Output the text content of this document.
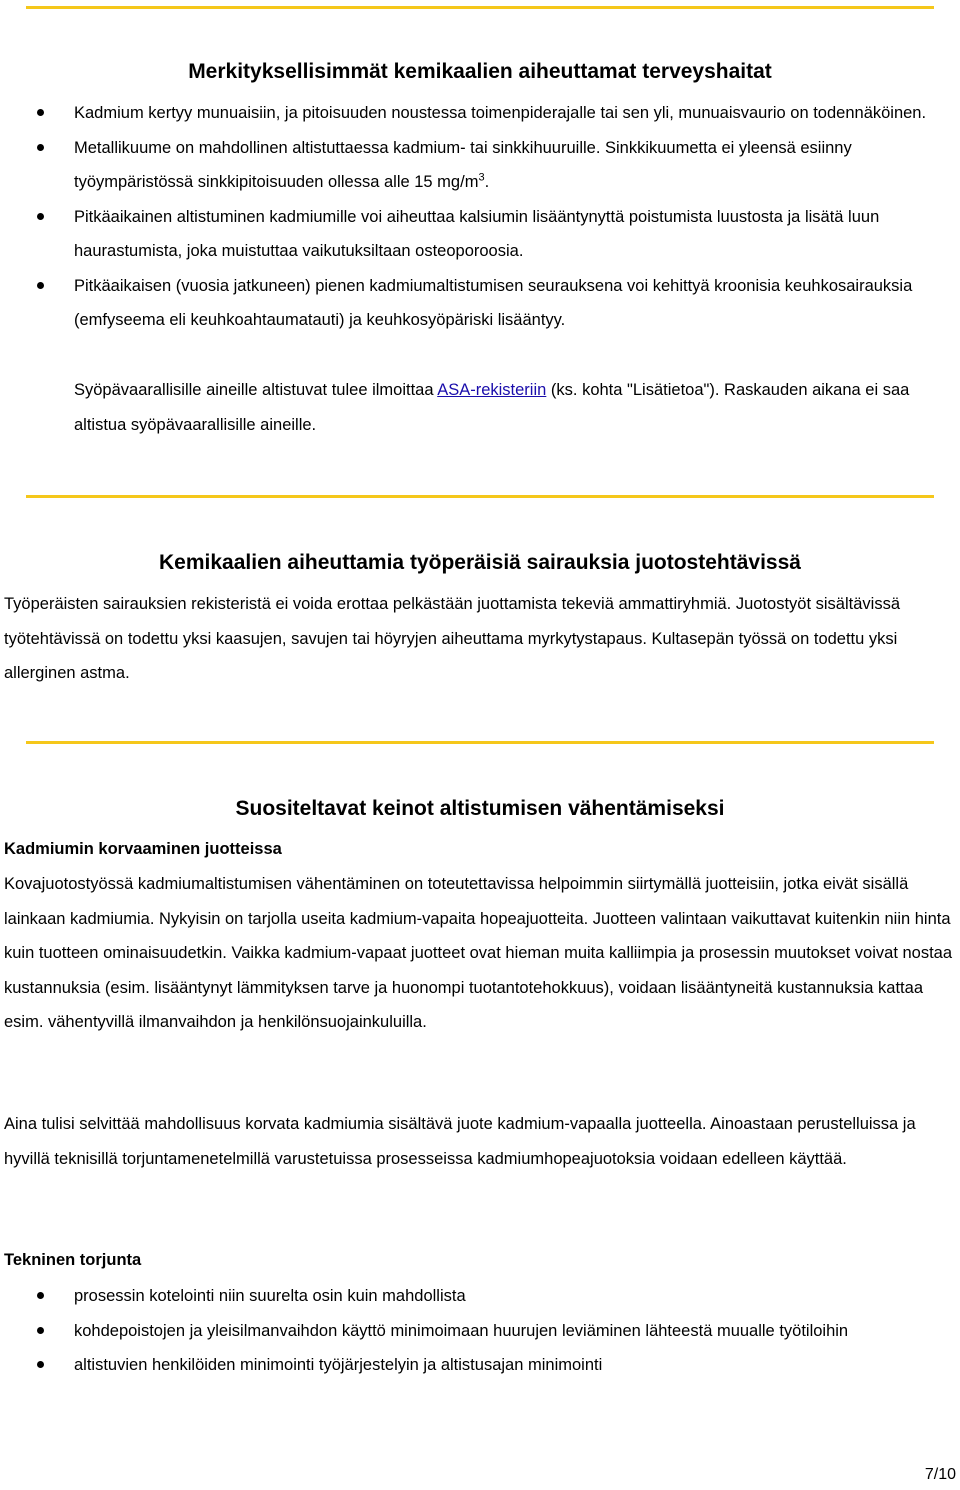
Merkityksellisimmät kemikaalien aiheuttamat terveyshaitat
Kadmium kertyy munuaisiin, ja pitoisuuden noustessa toimenpiderajalle tai sen yli, munuaisvaurio on todennäköinen.
Metallikuume on mahdollinen altistuttaessa kadmium- tai sinkkihuuruille. Sinkkikuumetta ei yleensä esiinny työympäristössä sinkkipitoisuuden ollessa alle 15 $mg/m^3$.
Pitkäaikainen altistuminen kadmiumille voi aiheuttaa kalsiumin lisääntynyttä poistumista luustosta ja lisätä luun haurastumista, joka muistuttaa vaikutuksiltaan osteoporoosia.
Pitkäaikaisen (vuosia jatkuneen) pienen kadmiumaltistumisen seurauksena voi kehittyä kroonisia keuhkosairauksia (emfyseema eli keuhkoahtaumatauti) ja keuhkosyöpäriski lisääntyy.

Syöpävaarallisille aineille altistuvat tulee ilmoittaa ASA-rekisteriin (ks. kohta "Lisätietoa"). Raskauden aikana ei saa altistua syöpävaarallisille aineille.

Kemikaalien aiheuttamia työperäisiä sairauksia juotostehtävissä

Työperäisten sairauksien rekisteristä ei voida erottaa pelkästään juottamista tekeviä ammattiryhmiä. Juotostyöt sisältävissä työtehtävissä on todettu yksi kaasujen, savujen tai höyryjen aiheuttama myrkytystapaus. Kultasepän työssä on todettu yksi allerginen astma.

Suositeltavat keinot altistumisen vähentämiseksi
Kadmiumin korvaaminen juotteissa

Kovajuotostyössä kadmiumaltistumisen vähentäminen on toteutettavissa helpoimmin siirtymällä juotteisiin, jotka eivät sisällä lainkaan kadmiumia. Nykyisin on tarjolla useita kadmium-vapaita hopeajuotteita. Juotteen valintaan vaikuttavat kuitenkin niin hinta kuin tuotteen ominaisuudetkin. Vaikka kadmium-vapaat juotteet ovat hieman muita kalliimpia ja prosessin muutokset voivat nostaa kustannuksia (esim. lisääntynyt lämmityksen tarve ja huonompi tuotantotehokkuus), voidaan lisääntyneitä kustannuksia kattaa esim. vähentyvillä ilmanvaihdon ja henkilönsuojainkuluilla.

Aina tulisi selvittää mahdollisuus korvata kadmiumia sisältävä juote kadmium-vapaalla juotteella. Ainoastaan perustelluissa ja hyvillä teknisillä torjuntamenetelmillä varustetuissa prosesseissa kadmiumhopeajuotoksia voidaan edelleen käyttää.

Tekninen torjunta
prosessin kotelointi niin suurelta osin kuin mahdollista
kohdepoistojen ja yleisilmanvaihdon käyttö minimoimaan huurujen leviäminen lähteestä muualle työtiloihin
altistuvien henkilöiden minimointi työjärjestelyin ja altistusajan minimointi
7/10
